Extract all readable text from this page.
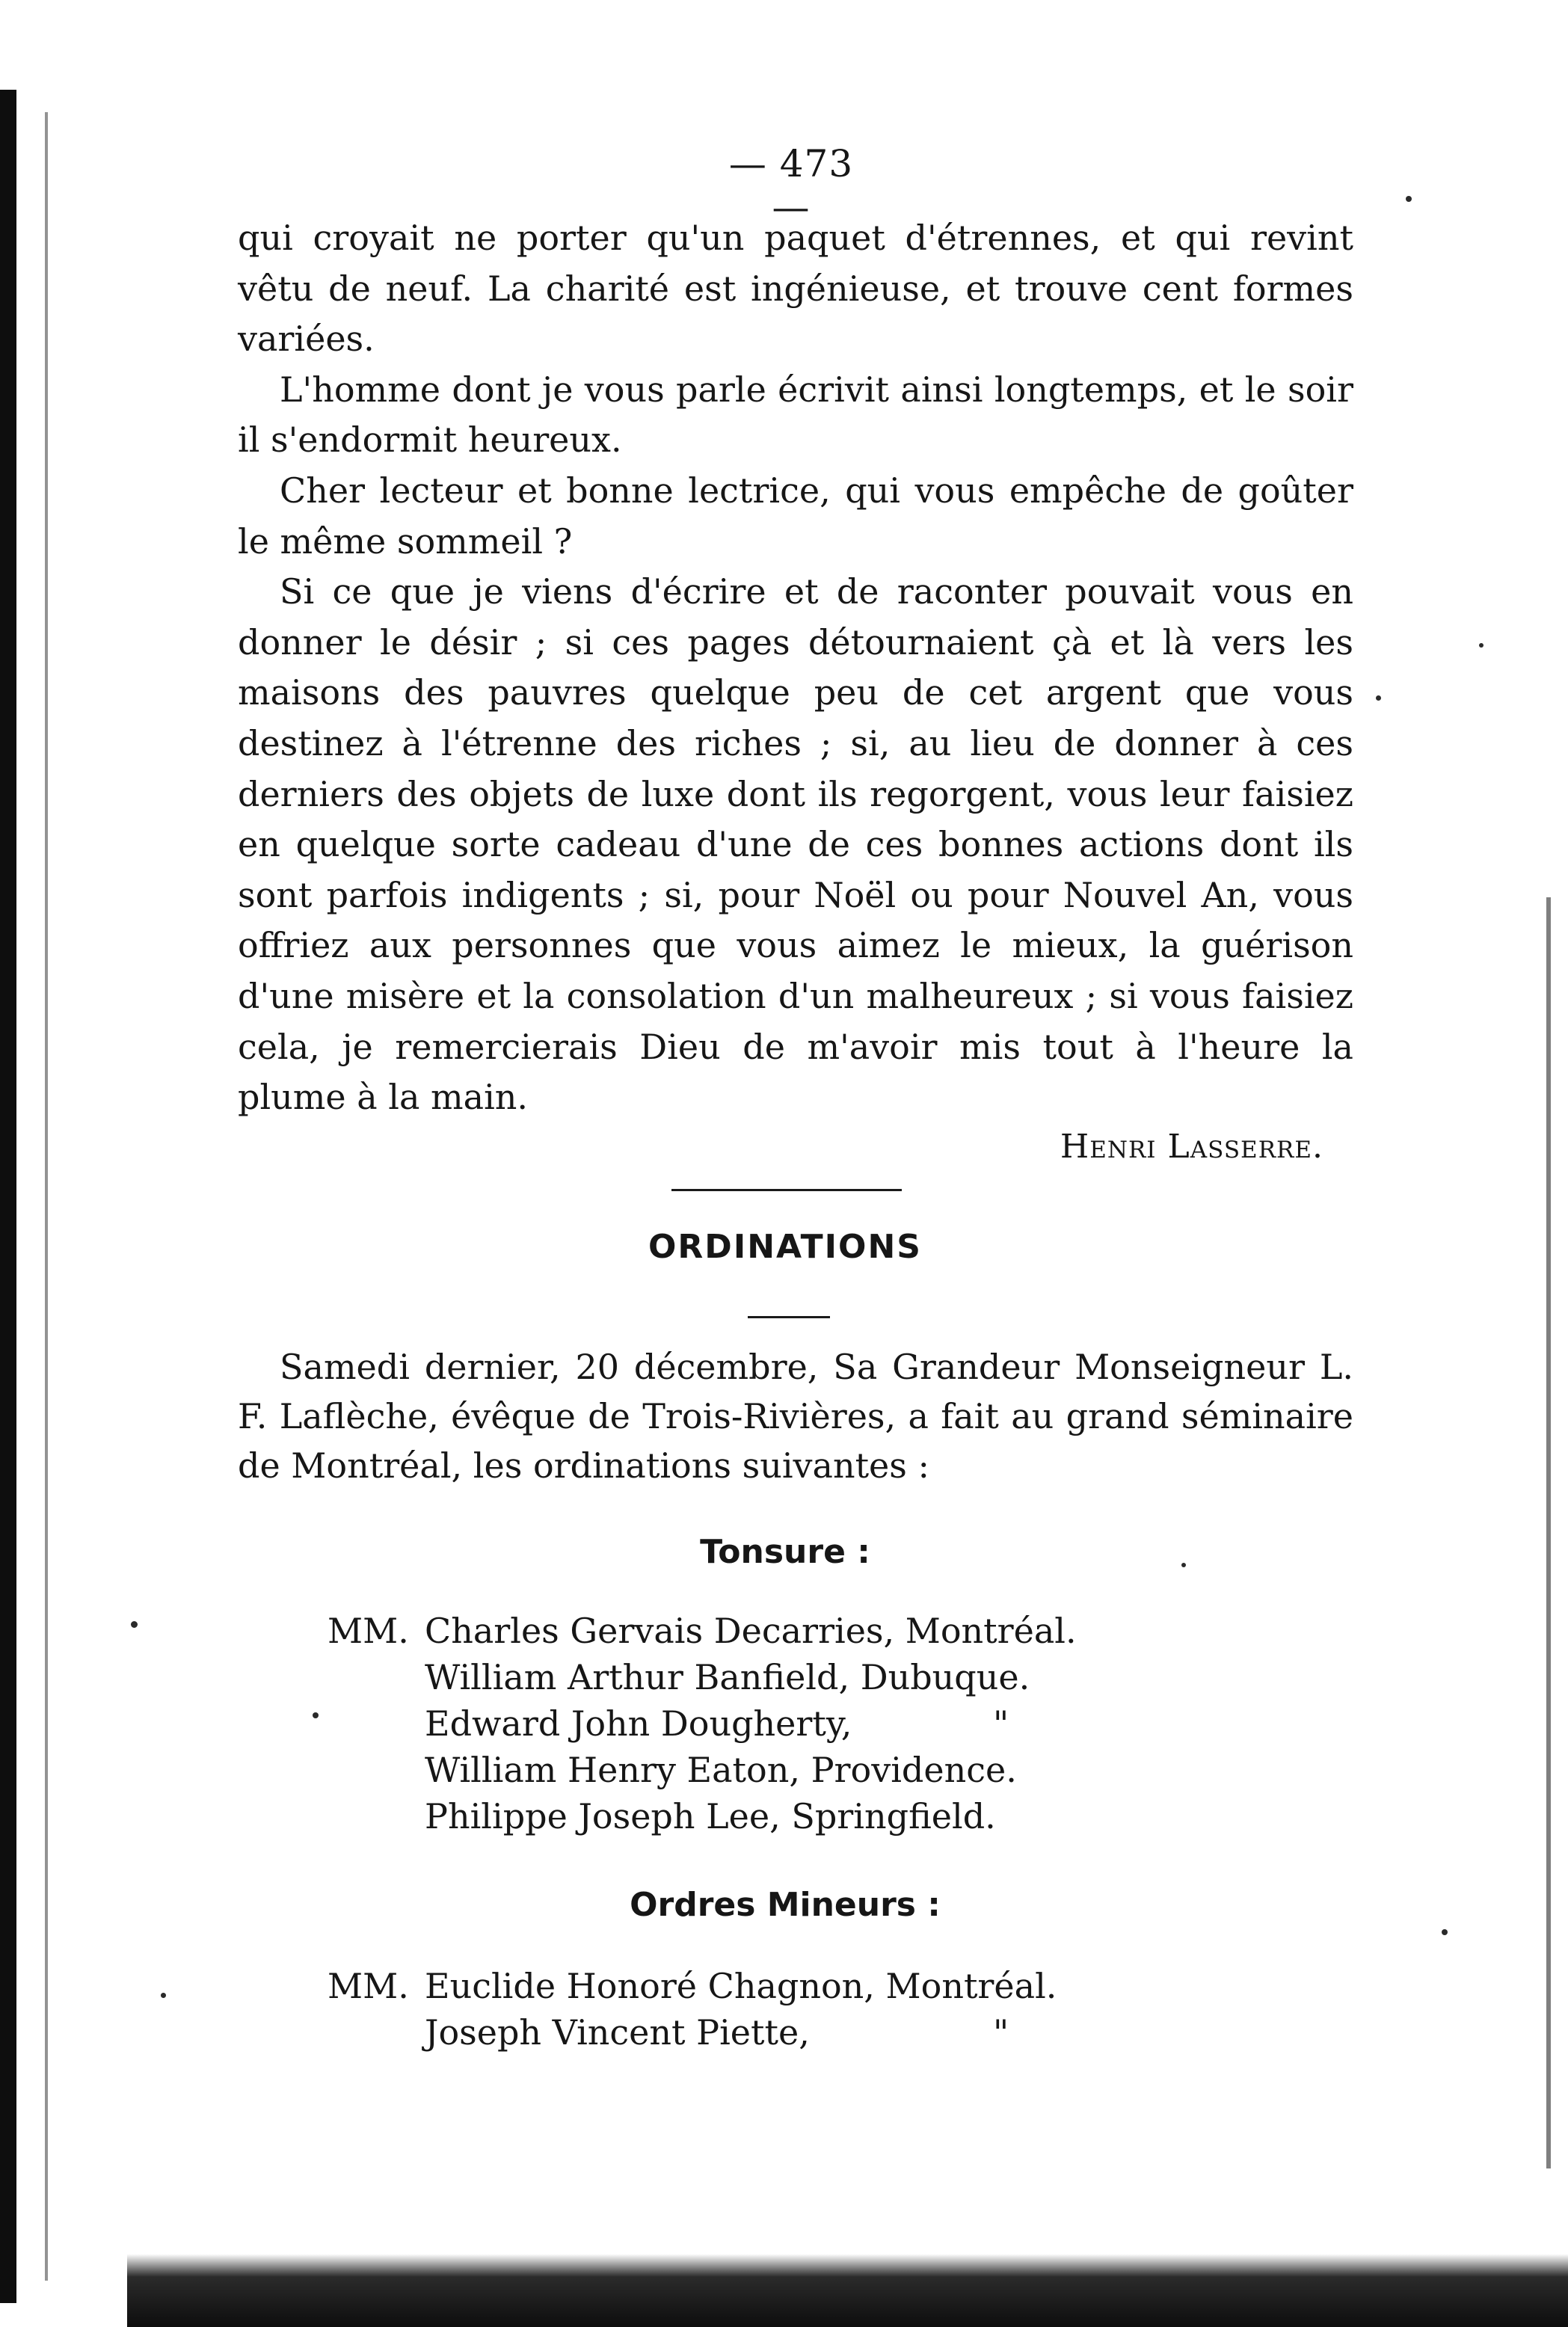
— 473 —

qui croyait ne porter qu'un paquet d'étrennes, et qui revint vêtu de neuf. La charité est ingénieuse, et trouve cent formes variées.

L'homme dont je vous parle écrivit ainsi longtemps, et le soir il s'endormit heureux.

Cher lecteur et bonne lectrice, qui vous empêche de goûter le même sommeil ?

Si ce que je viens d'écrire et de raconter pouvait vous en donner le désir ; si ces pages détournaient çà et là vers les maisons des pauvres quelque peu de cet argent que vous destinez à l'étrenne des riches ; si, au lieu de donner à ces derniers des objets de luxe dont ils regorgent, vous leur faisiez en quelque sorte cadeau d'une de ces bonnes actions dont ils sont parfois indigents ; si, pour Noël ou pour Nouvel An, vous offriez aux personnes que vous aimez le mieux, la guérison d'une misère et la consolation d'un malheureux ; si vous faisiez cela, je remercierais Dieu de m'avoir mis tout à l'heure la plume à la main.

Henri Lasserre.
ORDINATIONS

Samedi dernier, 20 décembre, Sa Grandeur Monseigneur L. F. Laflèche, évêque de Trois-Rivières, a fait au grand séminaire de Montréal, les ordinations suivantes :

Tonsure :
MM. Charles Gervais Decarries, Montréal.
William Arthur Banfield, Dubuque.
Edward John Dougherty,	"
William Henry Eaton, Providence.
Philippe Joseph Lee, Springfield.
Ordres Mineurs :
MM. Euclide Honoré Chagnon, Montréal.
Joseph Vincent Piette,	"
